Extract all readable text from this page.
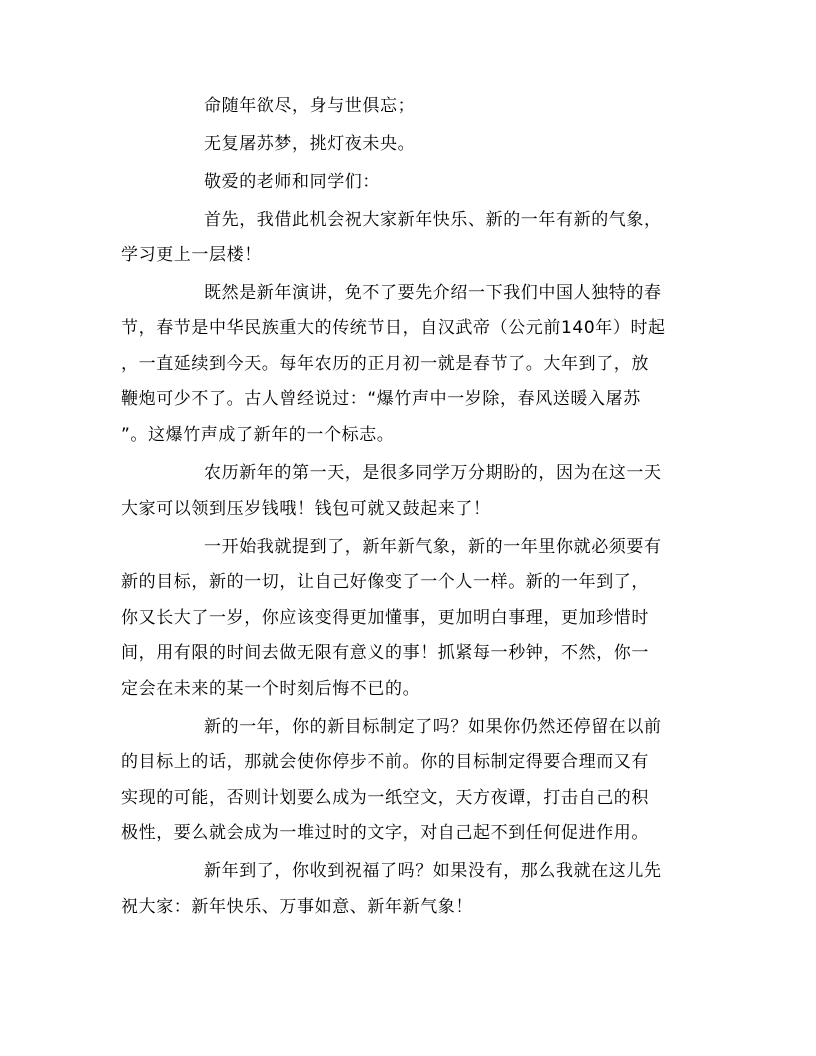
命随年欲尽，身与世俱忘；
无复屠苏梦，挑灯夜未央。
敬爱的老师和同学们：
首先，我借此机会祝大家新年快乐、新的一年有新的气象，
学习更上一层楼！
既然是新年演讲，免不了要先介绍一下我们中国人独特的春
节，春节是中华民族重大的传统节日，自汉武帝（公元前140年）时起
，一直延续到今天。每年农历的正月初一就是春节了。大年到了，放
鞭炮可少不了。古人曾经说过：“爆竹声中一岁除，春风送暖入屠苏
”。这爆竹声成了新年的一个标志。
农历新年的第一天，是很多同学万分期盼的，因为在这一天
大家可以领到压岁钱哦！钱包可就又鼓起来了！
一开始我就提到了，新年新气象，新的一年里你就必须要有
新的目标，新的一切，让自己好像变了一个人一样。新的一年到了，
你又长大了一岁，你应该变得更加懂事，更加明白事理，更加珍惜时
间，用有限的时间去做无限有意义的事！抓紧每一秒钟，不然，你一
定会在未来的某一个时刻后悔不已的。
新的一年，你的新目标制定了吗？如果你仍然还停留在以前
的目标上的话，那就会使你停步不前。你的目标制定得要合理而又有
实现的可能，否则计划要么成为一纸空文，天方夜谭，打击自己的积
极性，要么就会成为一堆过时的文字，对自己起不到任何促进作用。
新年到了，你收到祝福了吗？如果没有，那么我就在这儿先
祝大家：新年快乐、万事如意、新年新气象！
